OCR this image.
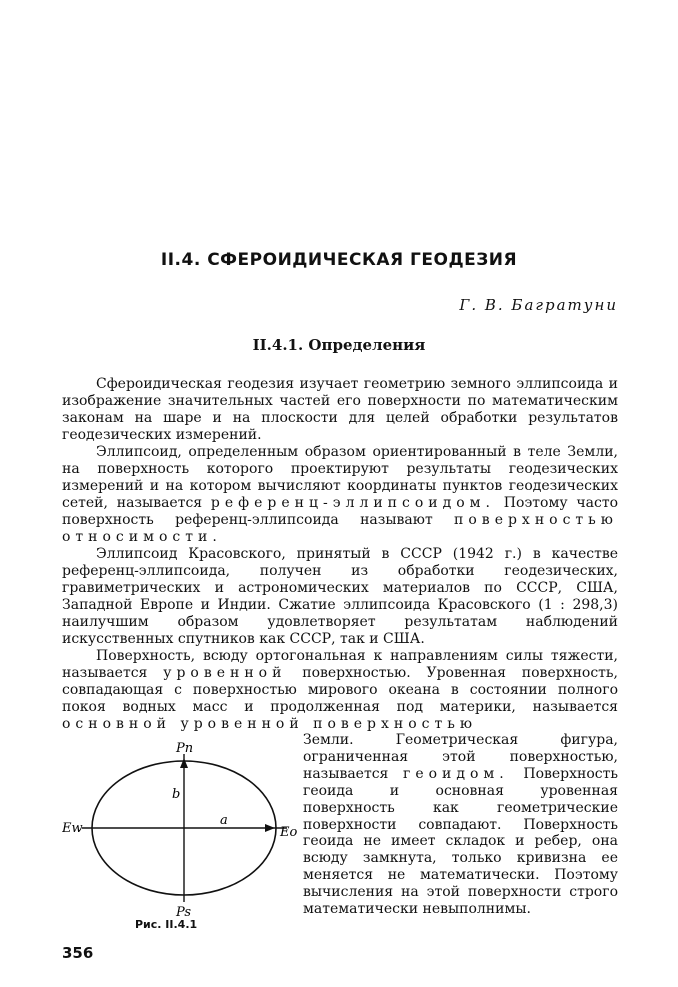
II.4. СФЕРОИДИЧЕСКАЯ ГЕОДЕЗИЯ
Г. В. Багратуни
II.4.1. Определения

Сфероидическая геодезия изучает геометрию земного эллипсоида и изображение значительных частей его поверхности по математическим законам на шаре и на плоскости для целей обработки результатов геодезических измерений.

Эллипсоид, определенным образом ориентированный в теле Земли, на поверхность которого проектируют результаты геодезических измерений и на котором вычисляют координаты пунктов геодезических сетей, называется референц-эллипсоидом. Поэтому часто поверхность референц-эллипсоида называют поверхностью относимости.

Эллипсоид Красовского, принятый в СССР (1942 г.) в качестве референц-эллипсоида, получен из обработки геодезических, гравиметрических и астрономических материалов по СССР, США, Западной Европе и Индии. Сжатие эллипсоида Красовского (1 : 298,3) наилучшим образом удовлетворяет результатам наблюдений искусственных спутников как СССР, так и США.

Поверхность, всюду ортогональная к направлениям силы тяжести, называется уровенной поверхностью. Уровенная поверхность, совпадающая с поверхностью мирового океана в состоянии полного покоя водных масс и продолженная под материки, называется основной уровенной поверхностью

Земли. Геометрическая фигура, ограниченная этой поверхностью, называется геоидом. Поверхность геоида и основная уровенная поверхность как геометрические поверхности совпадают. Поверхность геоида не имеет складок и ребер, она всюду замкнута, только кривизна ее меняется не математически. Поэтому вычисления на этой поверхности строго математически невыполнимы.
Pn
Ps
Ew	Eo
a
b
Рис. II.4.1
356
